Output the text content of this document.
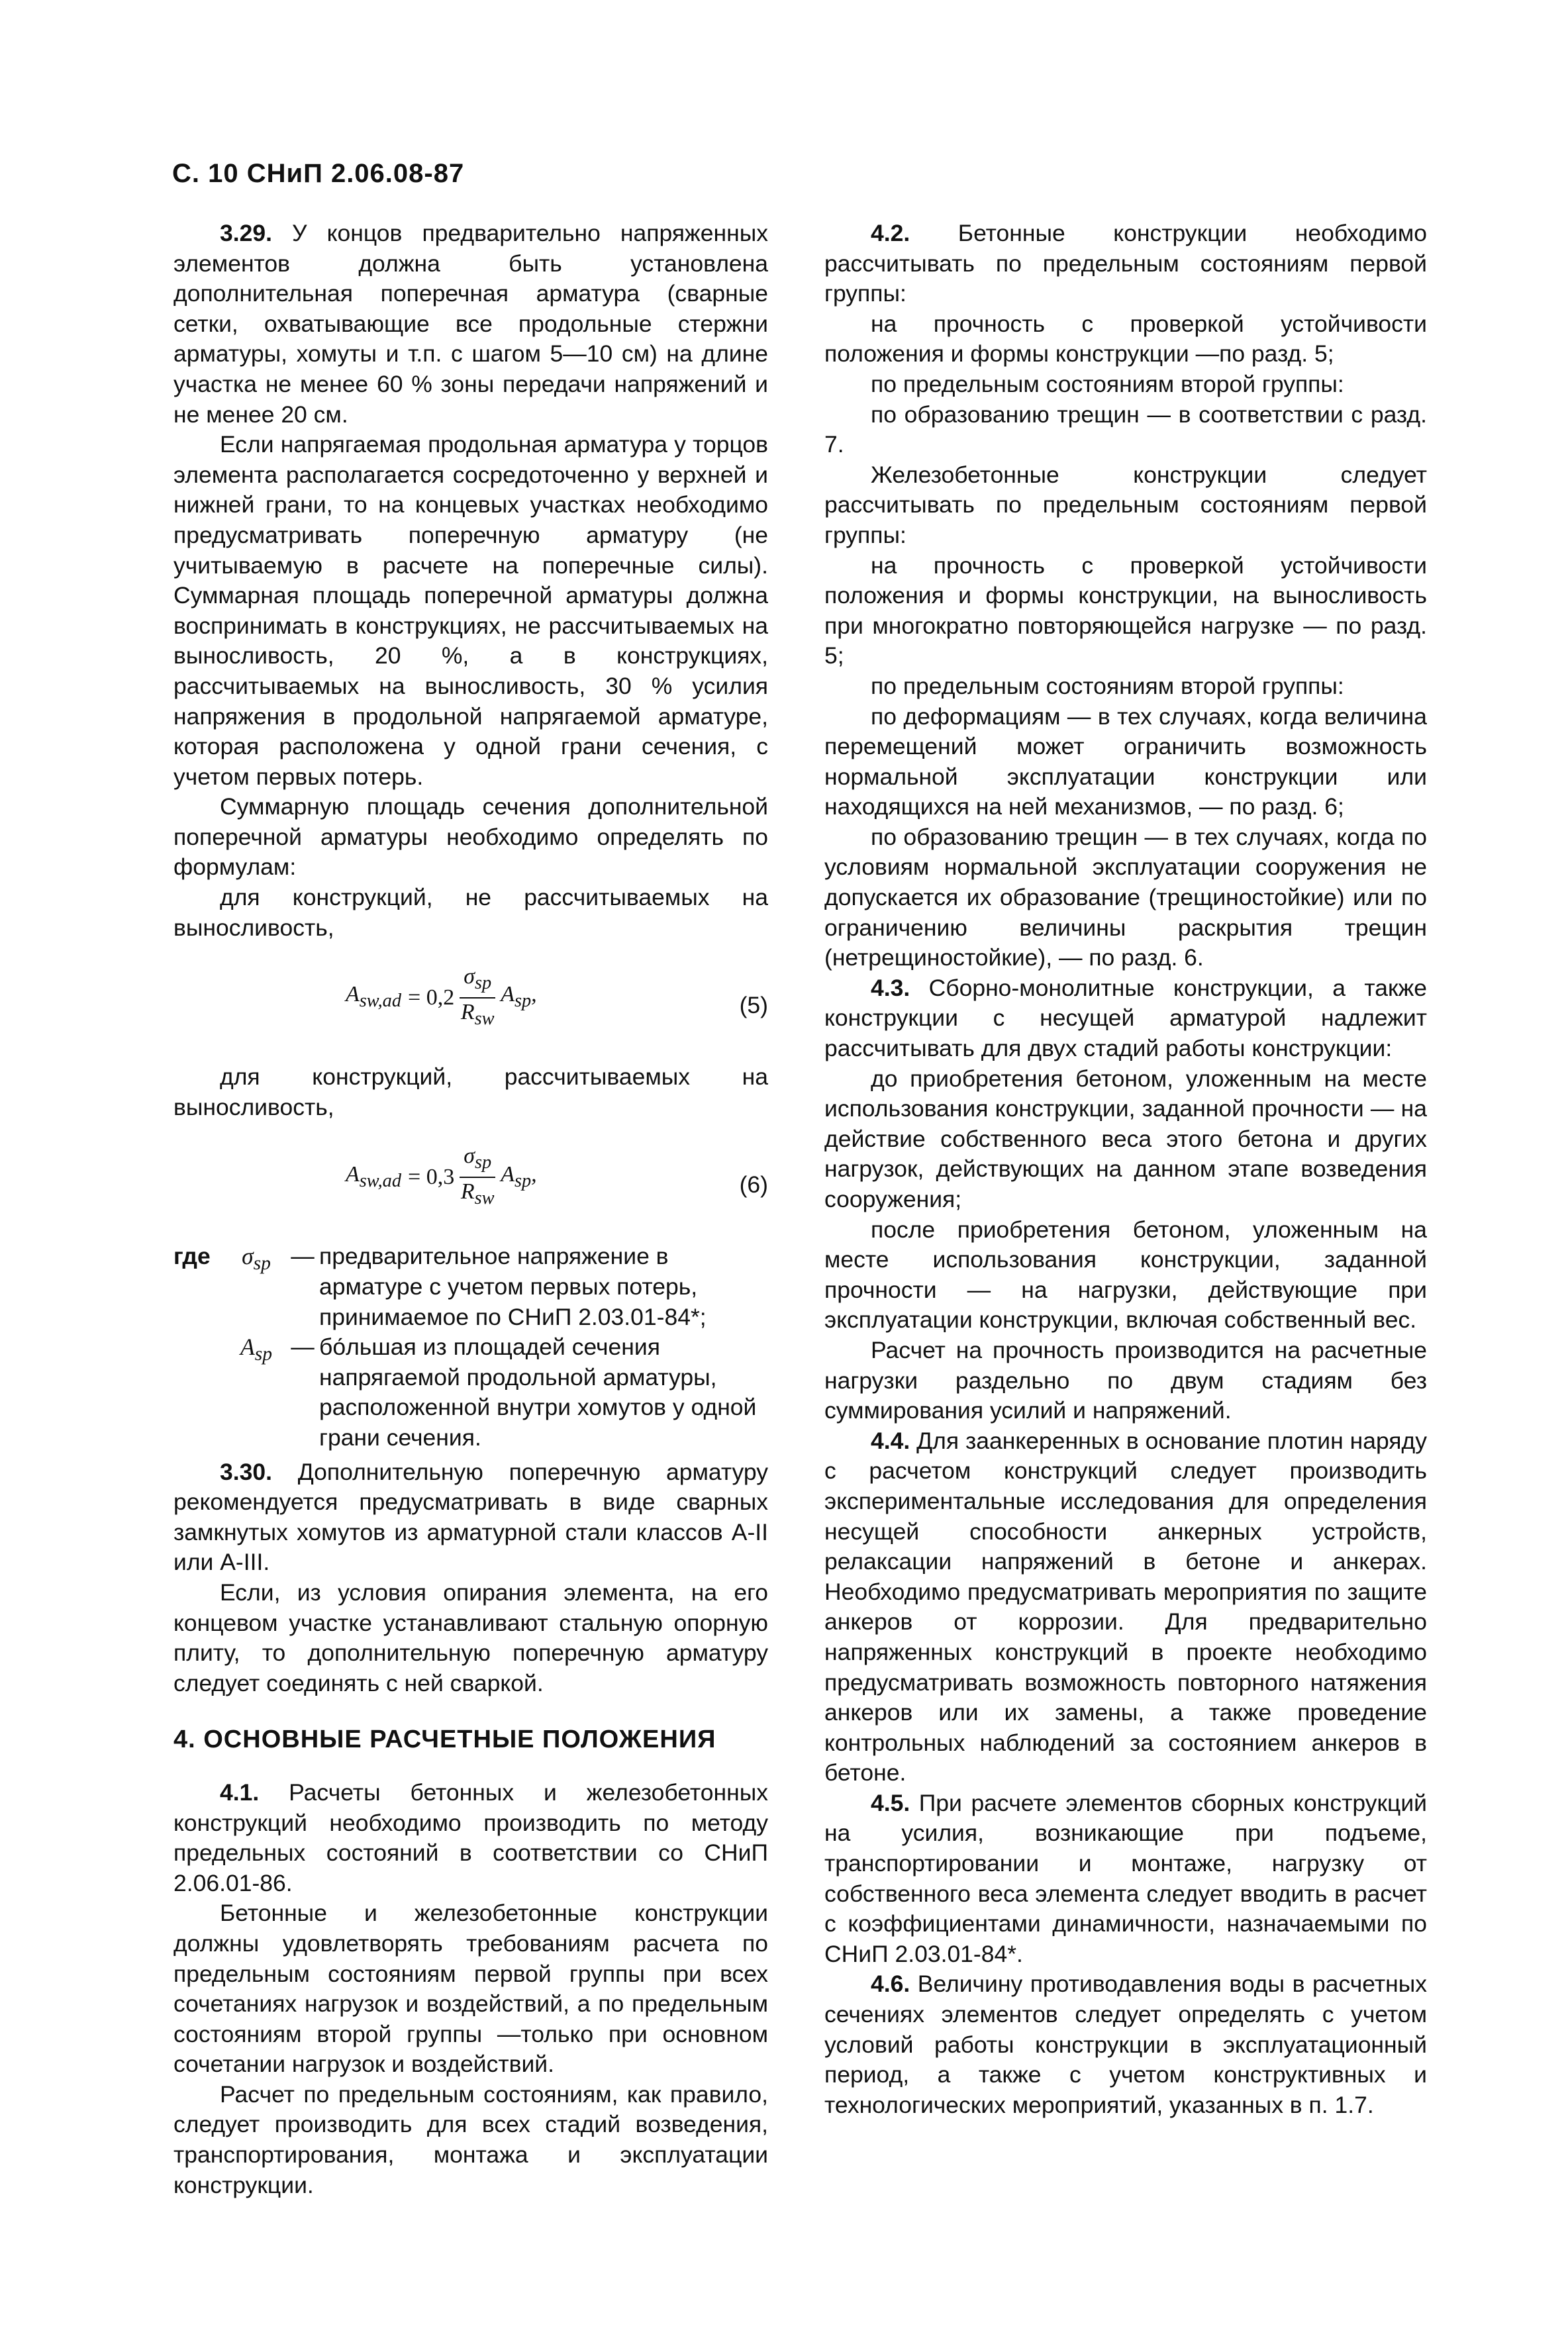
С. 10 СНиП 2.06.08-87

3.29. У концов предварительно напряженных элементов должна быть установлена дополнительная поперечная арматура (сварные сетки, охватывающие все продольные стержни арматуры, хомуты и т.п. с шагом 5—10 см) на длине участка не менее 60 % зоны передачи напряжений и не менее 20 см.

Если напрягаемая продольная арматура у торцов элемента располагается сосредоточенно у верхней и нижней грани, то на концевых участках необходимо предусматривать поперечную арматуру (не учитываемую в расчете на поперечные силы). Суммарная площадь поперечной арматуры должна воспринимать в конструкциях, не рассчитываемых на выносливость, 20 %, а в конструкциях, рассчитываемых на выносливость, 30 % усилия напряжения в продольной напрягаемой арматуре, которая расположена у одной грани сечения, с учетом первых потерь.

Суммарную площадь сечения дополнительной поперечной арматуры необходимо определять по формулам:

для конструкций, не рассчитываемых на выносливость,

$A_{sw,ad} = 0,2 \frac{\sigma_{sp}}{R_{sw}} A_{sp}$,	(5)

для конструкций, рассчитываемых на выносливость,

$A_{sw,ad} = 0,3 \frac{\sigma_{sp}}{R_{sw}} A_{sp}$,	(6)
где	$\sigma_{sp}$ — предварительное напряжение в арматуре с учетом первых потерь, принимаемое по СНиП 2.03.01-84*;
$A_{sp}$ — бо́льшая из площадей сечения напрягаемой продольной арматуры, расположенной внутри хомутов у одной грани сечения.

3.30. Дополнительную поперечную арматуру рекомендуется предусматривать в виде сварных замкнутых хомутов из арматурной стали классов А-II или А-III.

Если, из условия опирания элемента, на его концевом участке устанавливают стальную опорную плиту, то дополнительную поперечную арматуру следует соединять с ней сваркой.

4. ОСНОВНЫЕ РАСЧЕТНЫЕ ПОЛОЖЕНИЯ

4.1. Расчеты бетонных и железобетонных конструкций необходимо производить по методу предельных состояний в соответствии со СНиП 2.06.01-86.

Бетонные и железобетонные конструкции должны удовлетворять требованиям расчета по предельным состояниям первой группы при всех сочетаниях нагрузок и воздействий, а по предельным состояниям второй группы —только при основном сочетании нагрузок и воздействий.

Расчет по предельным состояниям, как правило, следует производить для всех стадий возведения, транспортирования, монтажа и эксплуатации конструкции.

4.2. Бетонные конструкции необходимо рассчитывать по предельным состояниям первой группы:

на прочность с проверкой устойчивости положения и формы конструкции —по разд. 5;

по предельным состояниям второй группы:

по образованию трещин — в соответствии с разд. 7.

Железобетонные конструкции следует рассчитывать по предельным состояниям первой группы:

на прочность с проверкой устойчивости положения и формы конструкции, на выносливость при многократно повторяющейся нагрузке — по разд. 5;

по предельным состояниям второй группы:

по деформациям — в тех случаях, когда величина перемещений может ограничить возможность нормальной эксплуатации конструкции или находящихся на ней механизмов, — по разд. 6;

по образованию трещин — в тех случаях, когда по условиям нормальной эксплуатации сооружения не допускается их образование (трещиностойкие) или по ограничению величины раскрытия трещин (нетрещиностойкие), — по разд. 6.

4.3. Сборно-монолитные конструкции, а также конструкции с несущей арматурой надлежит рассчитывать для двух стадий работы конструкции:

до приобретения бетоном, уложенным на месте использования конструкции, заданной прочности — на действие собственного веса этого бетона и других нагрузок, действующих на данном этапе возведения сооружения;

после приобретения бетоном, уложенным на месте использования конструкции, заданной прочности — на нагрузки, действующие при эксплуатации конструкции, включая собственный вес.

Расчет на прочность производится на расчетные нагрузки раздельно по двум стадиям без суммирования усилий и напряжений.

4.4. Для заанкеренных в основание плотин наряду с расчетом конструкций следует производить экспериментальные исследования для определения несущей способности анкерных устройств, релаксации напряжений в бетоне и анкерах. Необходимо предусматривать мероприятия по защите анкеров от коррозии. Для предварительно напряженных конструкций в проекте необходимо предусматривать возможность повторного натяжения анкеров или их замены, а также проведение контрольных наблюдений за состоянием анкеров в бетоне.

4.5. При расчете элементов сборных конструкций на усилия, возникающие при подъеме, транспортировании и монтаже, нагрузку от собственного веса элемента следует вводить в расчет с коэффициентами динамичности, назначаемыми по СНиП 2.03.01-84*.

4.6. Величину противодавления воды в расчетных сечениях элементов следует определять с учетом условий работы конструкции в эксплуатационный период, а также с учетом конструктивных и технологических мероприятий, указанных в п. 1.7.
